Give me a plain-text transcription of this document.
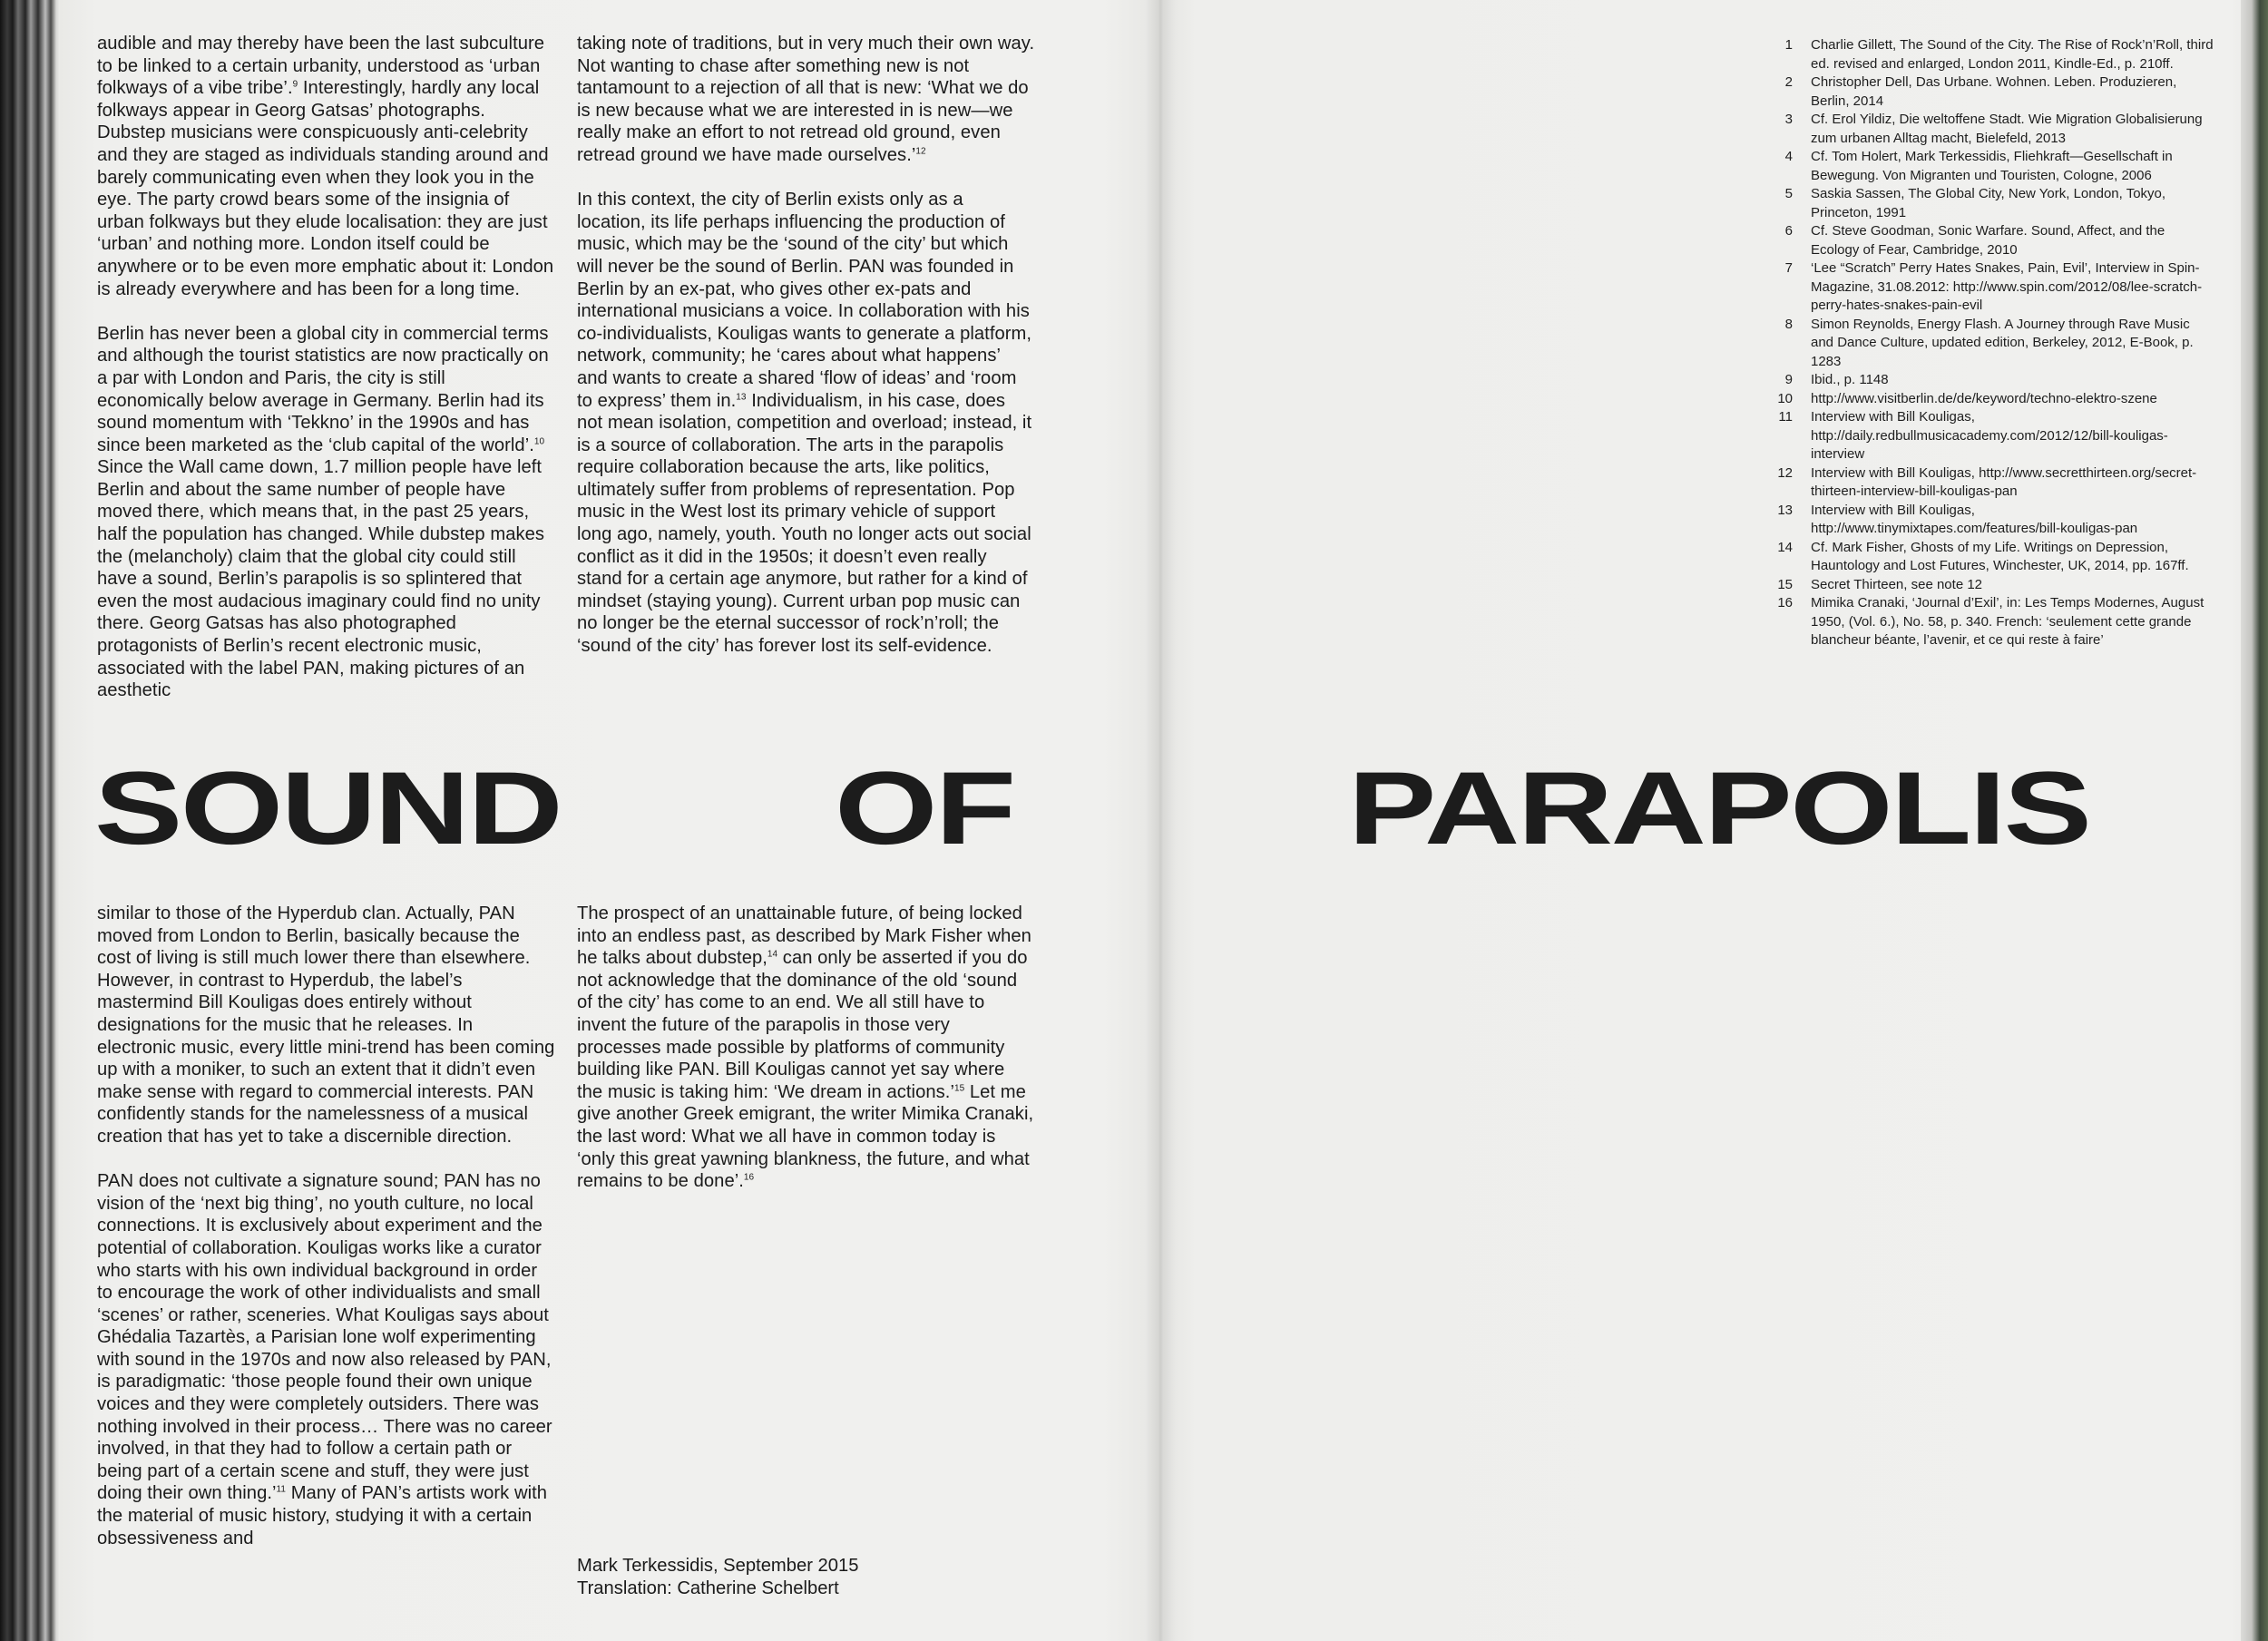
audible and may thereby have been the last subculture to be linked to a certain urbanity, understood as ‘urban folkways of a vibe tribe’.$^9$ Interestingly, hardly any local folkways appear in Georg Gatsas’ photographs. Dubstep musicians were conspicuously anti-celebrity and they are staged as individuals standing around and barely communicating even when they look you in the eye. The party crowd bears some of the insignia of urban folkways but they elude localisation: they are just ‘urban’ and nothing more. London itself could be anywhere or to be even more emphatic about it: London is already everywhere and has been for a long time.

Berlin has never been a global city in commercial terms and although the tourist statistics are now practically on a par with London and Paris, the city is still economically below average in Germany. Berlin had its sound momentum with ‘Tekkno’ in the 1990s and has since been marketed as the ‘club capital of the world’.$^{10}$ Since the Wall came down, 1.7 million people have left Berlin and about the same number of people have moved there, which means that, in the past 25 years, half the population has changed. While dubstep makes the (melancholy) claim that the global city could still have a sound, Berlin’s parapolis is so splintered that even the most audacious imaginary could find no unity there. Georg Gatsas has also photographed protagonists of Berlin’s recent electronic music, associated with the label PAN, making pictures of an aesthetic

taking note of traditions, but in very much their own way. Not wanting to chase after something new is not tantamount to a rejection of all that is new: ‘What we do is new because what we are interested in is new—we really make an effort to not retread old ground, even retread ground we have made ourselves.’$^{12}$

In this context, the city of Berlin exists only as a location, its life perhaps influencing the production of music, which may be the ‘sound of the city’ but which will never be the sound of Berlin. PAN was founded in Berlin by an ex-pat, who gives other ex-pats and international musicians a voice. In collaboration with his co-individualists, Kouligas wants to generate a platform, network, community; he ‘cares about what happens’ and wants to create a shared ‘flow of ideas’ and ‘room to express’ them in.$^{13}$ Individualism, in his case, does not mean isolation, competition and overload; instead, it is a source of collaboration. The arts in the parapolis require collaboration because the arts, like politics, ultimately suffer from problems of representation. Pop music in the West lost its primary vehicle of support long ago, namely, youth. Youth no longer acts out social conflict as it did in the 1950s; it doesn’t even really stand for a certain age anymore, but rather for a kind of mindset (staying young). Current urban pop music can no longer be the eternal successor of rock’n’roll; the ‘sound of the city’ has forever lost its self-evidence.

SOUND	OF	PARAPOLIS

similar to those of the Hyperdub clan. Actually, PAN moved from London to Berlin, basically because the cost of living is still much lower there than elsewhere. However, in contrast to Hyperdub, the label’s mastermind Bill Kouligas does entirely without designations for the music that he releases. In electronic music, every little mini-trend has been coming up with a moniker, to such an extent that it didn’t even make sense with regard to commercial interests. PAN confidently stands for the namelessness of a musical creation that has yet to take a discernible direction.

PAN does not cultivate a signature sound; PAN has no vision of the ‘next big thing’, no youth culture, no local connections. It is exclusively about experiment and the potential of collaboration. Kouligas works like a curator who starts with his own individual background in order to encourage the work of other individualists and small ‘scenes’ or rather, sceneries. What Kouligas says about Ghédalia Tazartès, a Parisian lone wolf experimenting with sound in the 1970s and now also released by PAN, is paradigmatic: ‘those people found their own unique voices and they were completely outsiders. There was nothing involved in their process… There was no career involved, in that they had to follow a certain path or being part of a certain scene and stuff, they were just doing their own thing.’$^{11}$ Many of PAN’s artists work with the material of music history, studying it with a certain obsessiveness and

The prospect of an unattainable future, of being locked into an endless past, as described by Mark Fisher when he talks about dubstep,$^{14}$ can only be asserted if you do not acknowledge that the dominance of the old ‘sound of the city’ has come to an end. We all still have to invent the future of the parapolis in those very processes made possible by platforms of community building like PAN. Bill Kouligas cannot yet say where the music is taking him: ‘We dream in actions.’$^{15}$ Let me give another Greek emigrant, the writer Mimika Cranaki, the last word: What we all have in common today is ‘only this great yawning blankness, the future, and what remains to be done’.$^{16}$

Mark Terkessidis, September 2015
Translation: Catherine Schelbert
1	Charlie Gillett, The Sound of the City. The Rise of Rock’n’Roll, third ed. revised and enlarged, London 2011, Kindle-Ed., p. 210ff.
2	Christopher Dell, Das Urbane. Wohnen. Leben. Produzieren, Berlin, 2014
3	Cf. Erol Yildiz, Die weltoffene Stadt. Wie Migration Globalisierung zum urbanen Alltag macht, Bielefeld, 2013
4	Cf. Tom Holert, Mark Terkessidis, Fliehkraft—Gesellschaft in Bewegung. Von Migranten und Touristen, Cologne, 2006
5	Saskia Sassen, The Global City, New York, London, Tokyo, Princeton, 1991
6	Cf. Steve Goodman, Sonic Warfare. Sound, Affect, and the Ecology of Fear, Cambridge, 2010
7	‘Lee “Scratch” Perry Hates Snakes, Pain, Evil’, Interview in Spin-Magazine, 31.08.2012: http://www.spin.com/2012/08/lee-scratch-perry-hates-snakes-pain-evil
8	Simon Reynolds, Energy Flash. A Journey through Rave Music and Dance Culture, updated edition, Berkeley, 2012, E-Book, p. 1283
9	Ibid., p. 1148
10	http://www.visitberlin.de/de/keyword/techno-elektro-szene
11	Interview with Bill Kouligas, http://daily.redbullmusicacademy.com/2012/12/bill-kouligas-interview
12	Interview with Bill Kouligas, http://www.secretthirteen.org/secret-thirteen-interview-bill-kouligas-pan
13	Interview with Bill Kouligas, http://www.tinymixtapes.com/features/bill-kouligas-pan
14	Cf. Mark Fisher, Ghosts of my Life. Writings on Depression, Hauntology and Lost Futures, Winchester, UK, 2014, pp. 167ff.
15	Secret Thirteen, see note 12
16	Mimika Cranaki, ‘Journal d’Exil’, in: Les Temps Modernes, August 1950, (Vol. 6.), No. 58, p. 340. French: ‘seulement cette grande blancheur béante, l’avenir, et ce qui reste à faire’
